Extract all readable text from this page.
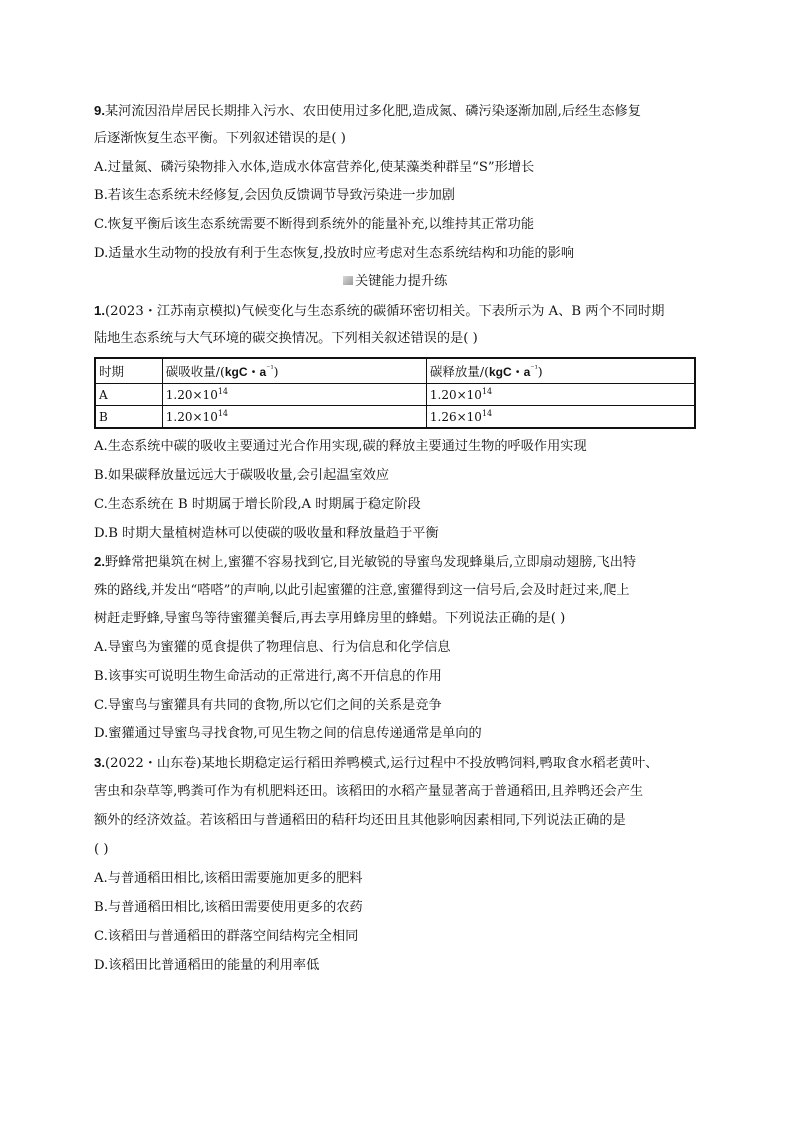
9.某河流因沿岸居民长期排入污水、农田使用过多化肥,造成氮、磷污染逐渐加剧,后经生态修复
后逐渐恢复生态平衡。下列叙述错误的是( )
A.过量氮、磷污染物排入水体,造成水体富营养化,使某藻类种群呈“S”形增长
B.若该生态系统未经修复,会因负反馈调节导致污染进一步加剧
C.恢复平衡后该生态系统需要不断得到系统外的能量补充,以维持其正常功能
D.适量水生动物的投放有利于生态恢复,投放时应考虑对生态系统结构和功能的影响
关键能力提升练
1.(2023・江苏南京模拟)气候变化与生态系统的碳循环密切相关。下表所示为 A、B 两个不同时期
陆地生态系统与大气环境的碳交换情况。下列相关叙述错误的是( )
时期	碳吸收量/(kgC・$a^{^{-1}}$)	碳释放量/(kgC・$a^{^{-1}}$)
A	$1.20\times 10^{14}$	$1.20\times 10^{14}$
B	$1.20\times 10^{14}$	$1.26\times 10^{14}$
A.生态系统中碳的吸收主要通过光合作用实现,碳的释放主要通过生物的呼吸作用实现
B.如果碳释放量远远大于碳吸收量,会引起温室效应
C.生态系统在 B 时期属于增长阶段,A 时期属于稳定阶段
D.B 时期大量植树造林可以使碳的吸收量和释放量趋于平衡
2.野蜂常把巢筑在树上,蜜獾不容易找到它,目光敏锐的导蜜鸟发现蜂巢后,立即扇动翅膀,飞出特
殊的路线,并发出“嗒嗒”的声响,以此引起蜜獾的注意,蜜獾得到这一信号后,会及时赶过来,爬上
树赶走野蜂,导蜜鸟等待蜜獾美餐后,再去享用蜂房里的蜂蜡。下列说法正确的是( )
A.导蜜鸟为蜜獾的觅食提供了物理信息、行为信息和化学信息
B.该事实可说明生物生命活动的正常进行,离不开信息的作用
C.导蜜鸟与蜜獾具有共同的食物,所以它们之间的关系是竞争
D.蜜獾通过导蜜鸟寻找食物,可见生物之间的信息传递通常是单向的
3.(2022・山东卷)某地长期稳定运行稻田养鸭模式,运行过程中不投放鸭饲料,鸭取食水稻老黄叶、
害虫和杂草等,鸭粪可作为有机肥料还田。该稻田的水稻产量显著高于普通稻田,且养鸭还会产生
额外的经济效益。若该稻田与普通稻田的秸秆均还田且其他影响因素相同,下列说法正确的是
( )
A.与普通稻田相比,该稻田需要施加更多的肥料
B.与普通稻田相比,该稻田需要使用更多的农药
C.该稻田与普通稻田的群落空间结构完全相同
D.该稻田比普通稻田的能量的利用率低
